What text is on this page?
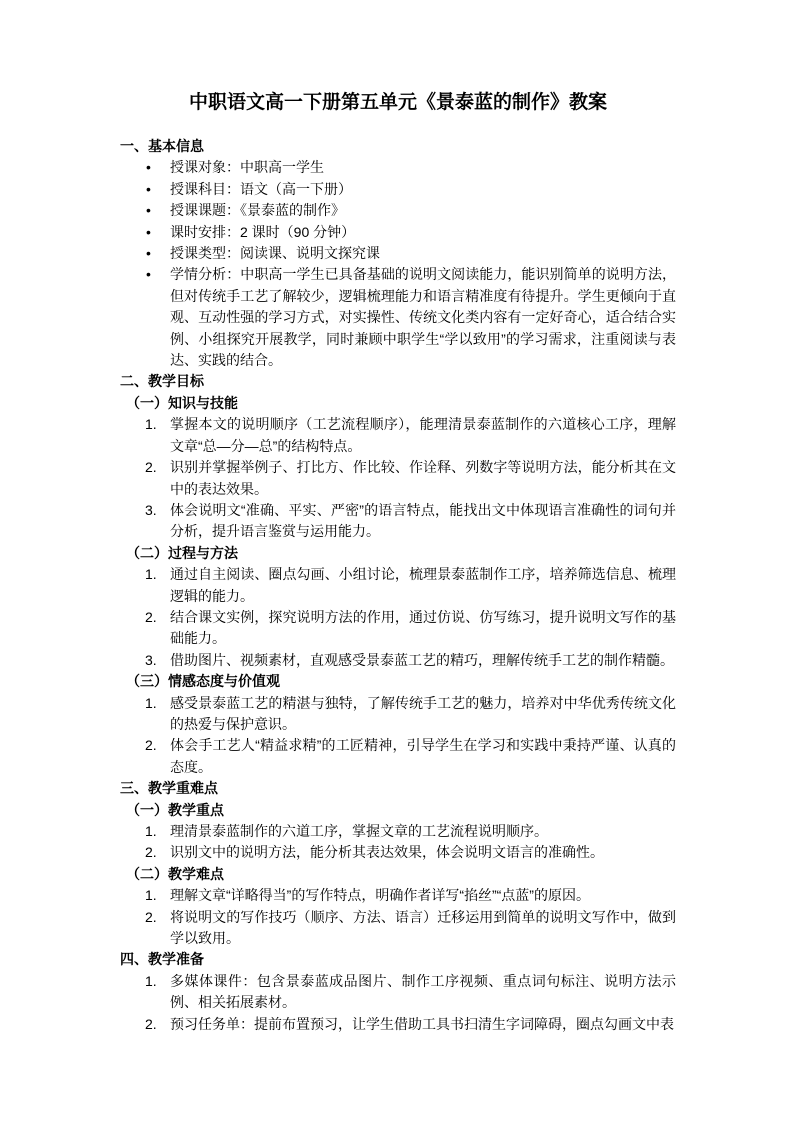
中职语文高一下册第五单元《景泰蓝的制作》教案
一、基本信息
• 授课对象：中职高一学生
• 授课科目：语文（高一下册）
• 授课课题：《景泰蓝的制作》
• 课时安排：2 课时（90 分钟）
• 授课类型：阅读课、说明文探究课
• 学情分析：中职高一学生已具备基础的说明文阅读能力，能识别简单的说明方法，但对传统手工艺了解较少，逻辑梳理能力和语言精准度有待提升。学生更倾向于直观、互动性强的学习方式，对实操性、传统文化类内容有一定好奇心，适合结合实例、小组探究开展教学，同时兼顾中职学生“学以致用”的学习需求，注重阅读与表达、实践的结合。
二、教学目标
（一）知识与技能
掌握本文的说明顺序（工艺流程顺序），能理清景泰蓝制作的六道核心工序，理解文章“总—分—总”的结构特点。
识别并掌握举例子、打比方、作比较、作诠释、列数字等说明方法，能分析其在文中的表达效果。
体会说明文“准确、平实、严密”的语言特点，能找出文中体现语言准确性的词句并分析，提升语言鉴赏与运用能力。
（二）过程与方法
通过自主阅读、圈点勾画、小组讨论，梳理景泰蓝制作工序，培养筛选信息、梳理逻辑的能力。
结合课文实例，探究说明方法的作用，通过仿说、仿写练习，提升说明文写作的基础能力。
借助图片、视频素材，直观感受景泰蓝工艺的精巧，理解传统手工艺的制作精髓。
（三）情感态度与价值观
感受景泰蓝工艺的精湛与独特，了解传统手工艺的魅力，培养对中华优秀传统文化的热爱与保护意识。
体会手工艺人“精益求精”的工匠精神，引导学生在学习和实践中秉持严谨、认真的态度。
三、教学重难点
（一）教学重点
理清景泰蓝制作的六道工序，掌握文章的工艺流程说明顺序。
识别文中的说明方法，能分析其表达效果，体会说明文语言的准确性。
（二）教学难点
理解文章“详略得当”的写作特点，明确作者详写“掐丝”“点蓝”的原因。
将说明文的写作技巧（顺序、方法、语言）迁移运用到简单的说明文写作中，做到学以致用。
四、教学准备
多媒体课件：包含景泰蓝成品图片、制作工序视频、重点词句标注、说明方法示例、相关拓展素材。
预习任务单：提前布置预习，让学生借助工具书扫清生字词障碍，圈点勾画文中表
